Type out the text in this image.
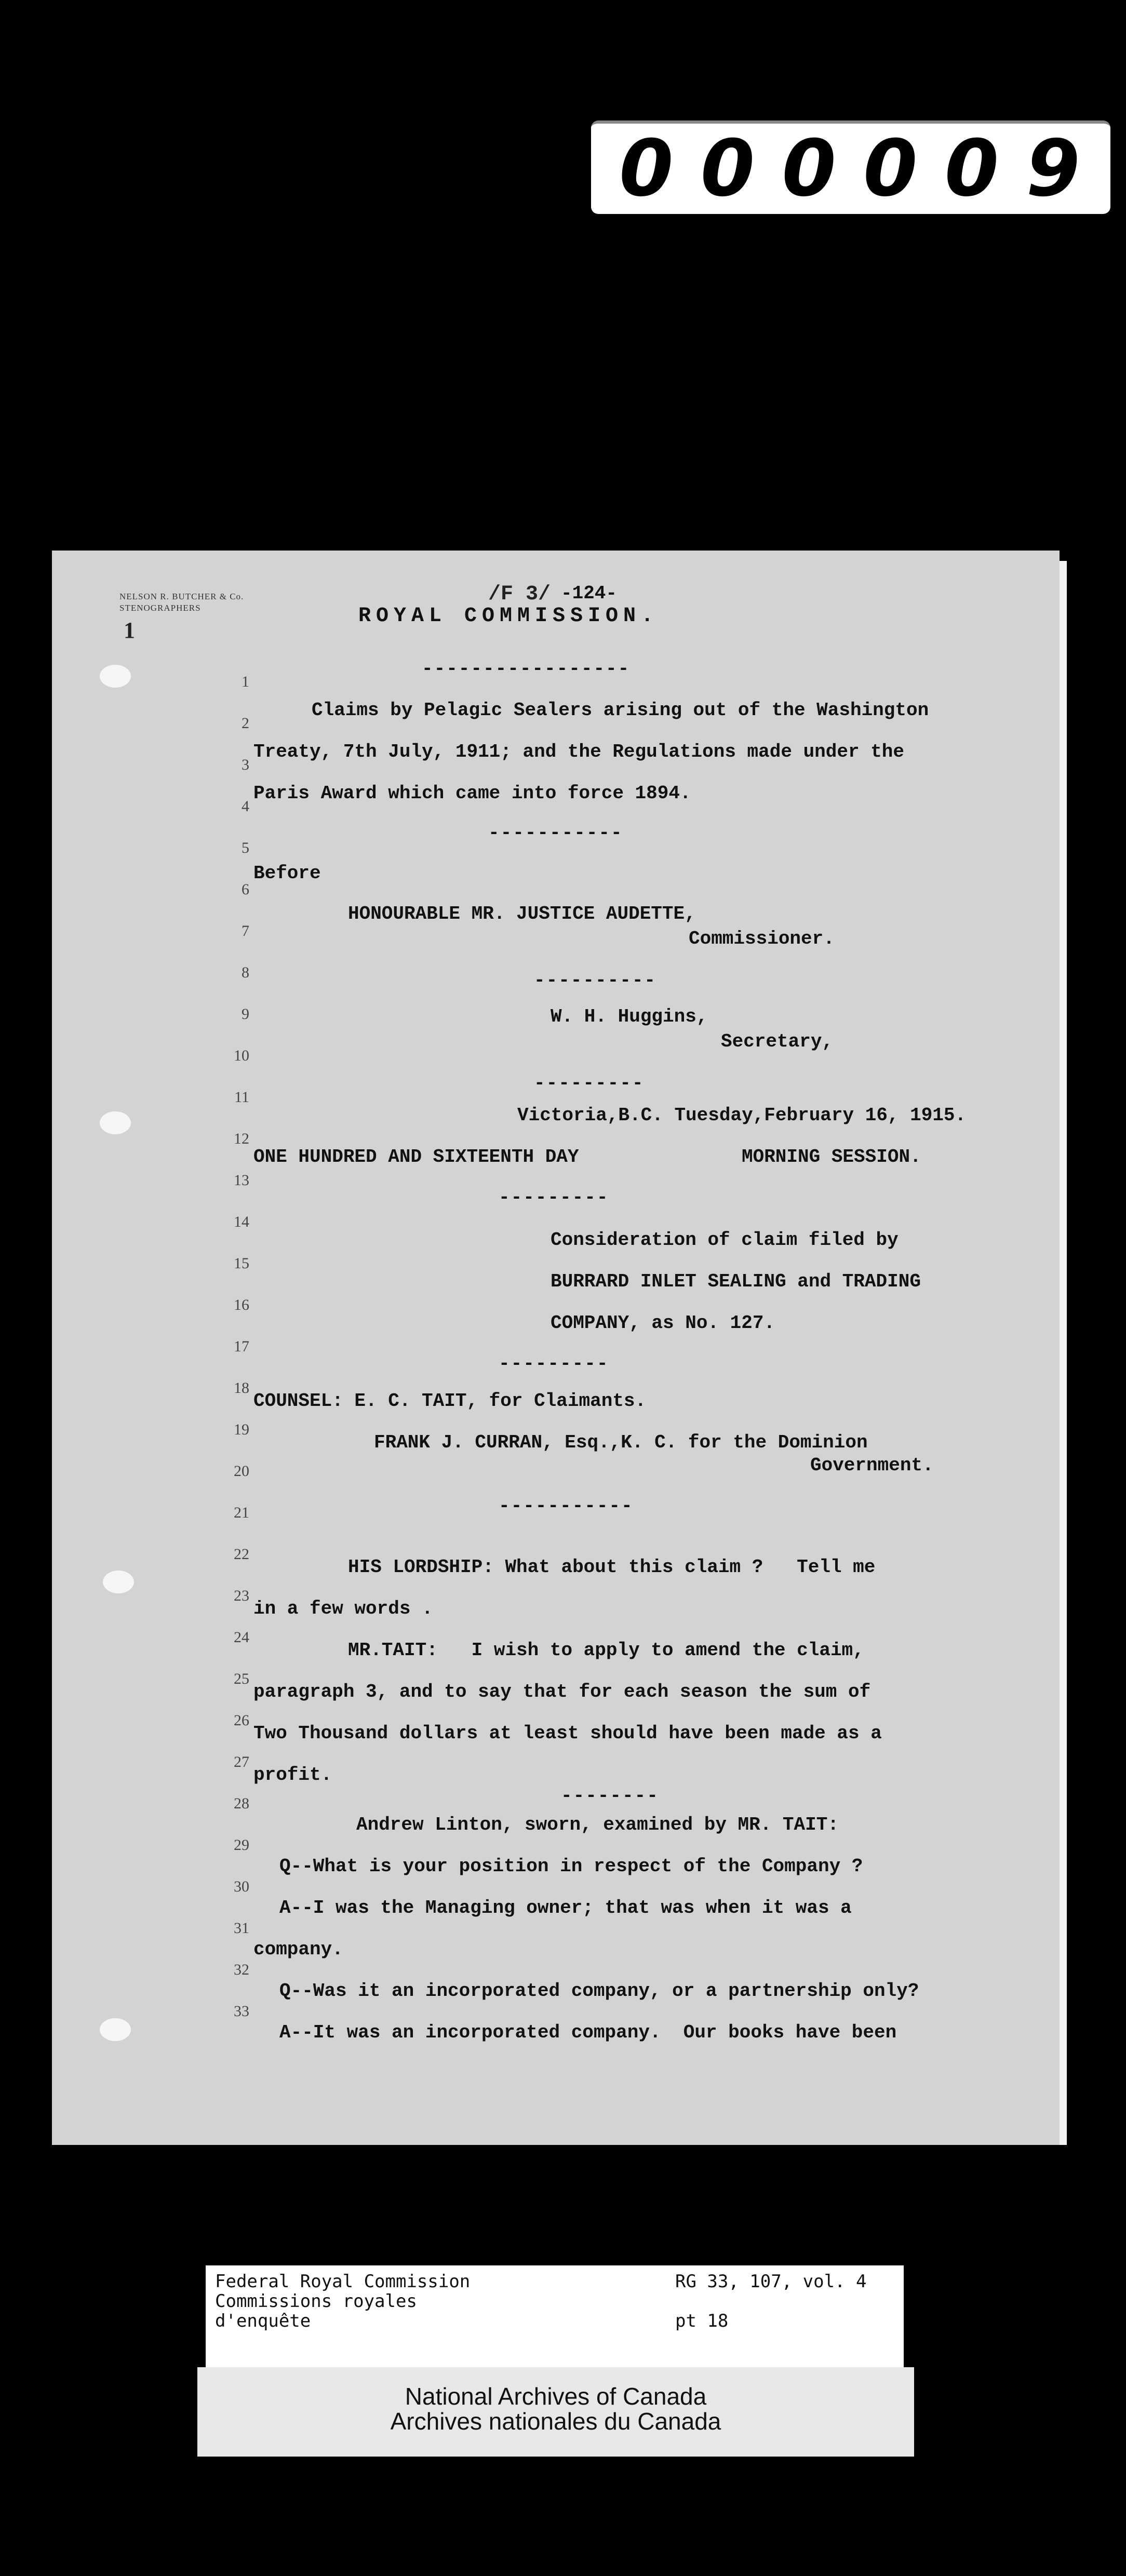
0 0 0 0 0 9
NELSON R. BUTCHER & Co.
STENOGRAPHERS
1
/F 3/ -124-
ROYAL COMMISSION.
1
2
3
4
5
6
7
8
9
10
11
12
13
14
15
16
17
18
19
20
21
22
23
24
25
26
27
28
29
30
31
32
33
-----------------
Claims by Pelagic Sealers arising out of the Washington
Treaty, 7th July, 1911; and the Regulations made under the
Paris Award which came into force 1894.
-----------
Before
HONOURABLE MR. JUSTICE AUDETTE,
Commissioner.
----------
W. H. Huggins,
Secretary,
---------
Victoria,B.C. Tuesday,February 16, 1915.
ONE HUNDRED AND SIXTEENTH DAY	MORNING SESSION.
---------
Consideration of claim filed by
BURRARD INLET SEALING and TRADING
COMPANY, as No. 127.
---------
COUNSEL: E. C. TAIT, for Claimants.
FRANK J. CURRAN, Esq.,K. C. for the Dominion
Government.
-----------
HIS LORDSHIP: What about this claim ?   Tell me
in a few words .
MR.TAIT:   I wish to apply to amend the claim,
paragraph 3, and to say that for each season the sum of
Two Thousand dollars at least should have been made as a
profit.
--------
Andrew Linton, sworn, examined by MR. TAIT:
Q--What is your position in respect of the Company ?
A--I was the Managing owner; that was when it was a
company.
Q--Was it an incorporated company, or a partnership only?
A--It was an incorporated company.  Our books have been
Federal Royal Commission
Commissions royales
d'enquête
RG 33, 107, vol. 4
pt 18
National Archives of Canada
Archives nationales du Canada
